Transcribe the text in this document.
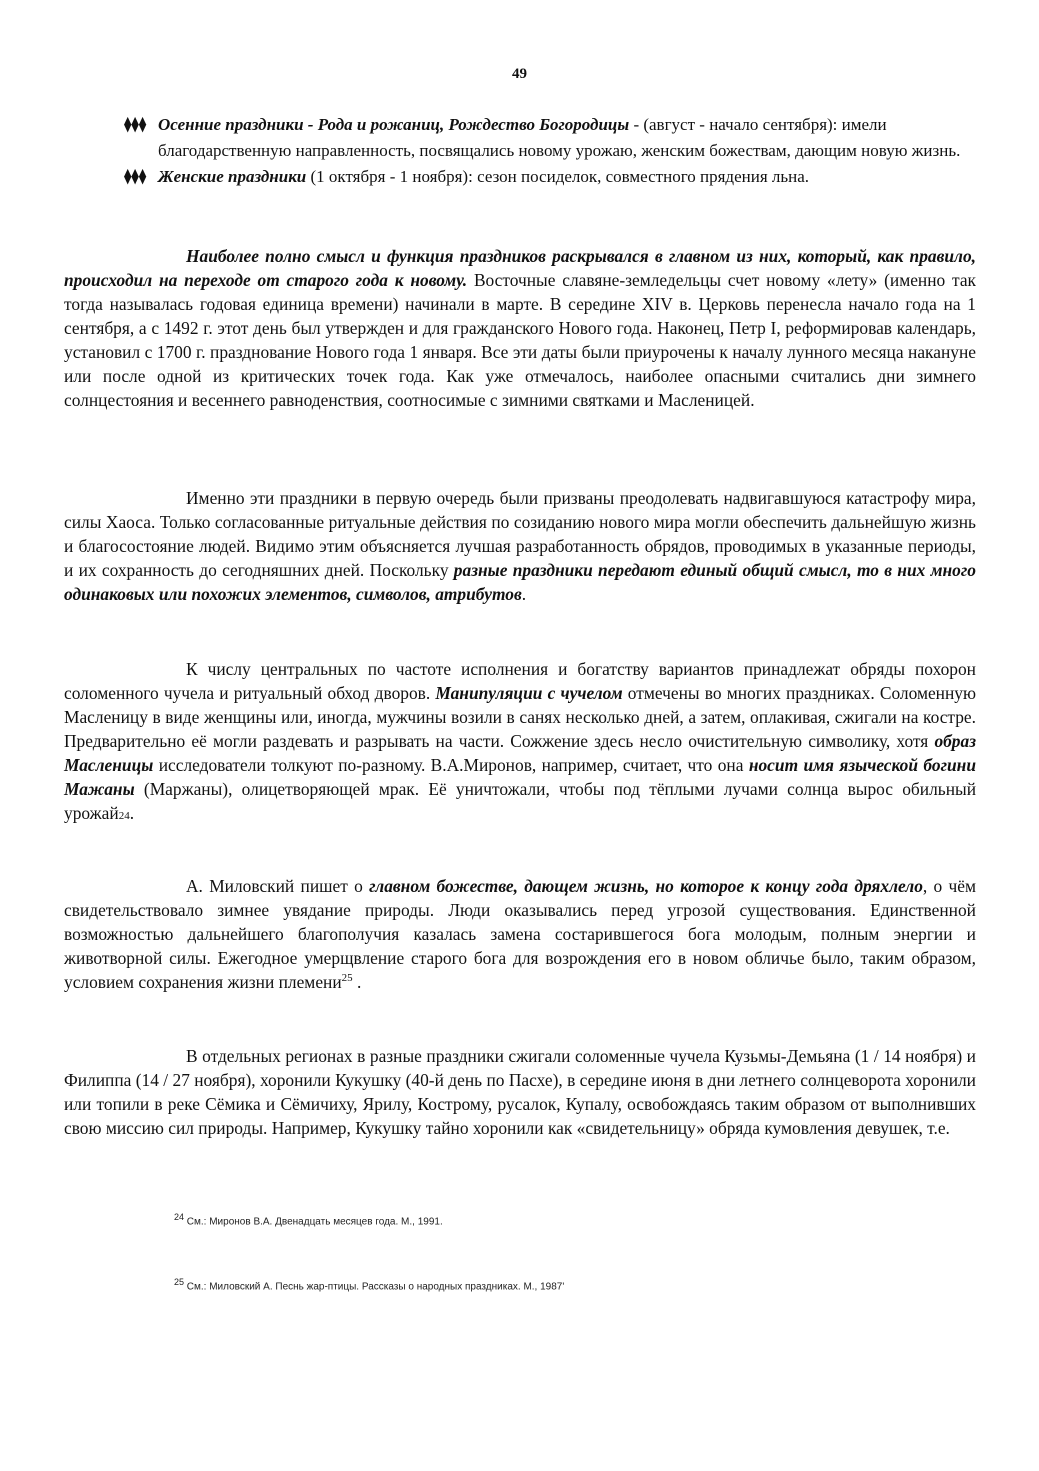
49
⧫⧫⧫ Осенние праздники - Рода и рожаниц, Рождество Богородицы - (август - начало сентября): имели благодарственную направленность, посвящались новому урожаю, женским божествам, дающим новую жизнь.
⧫⧫⧫ Женские праздники (1 октября - 1 ноября): сезон посиделок, совместного прядения льна.

Наиболее полно смысл и функция праздников раскрывался в главном из них, который, как правило, происходил на переходе от старого года к новому. Восточные славяне-земледельцы счет новому «лету» (именно так тогда называлась годовая единица времени) начинали в марте. В середине XIV в. Церковь перенесла начало года на 1 сентября, а с 1492 г. этот день был утвержден и для гражданского Нового года. Наконец, Петр I, реформировав календарь, установил с 1700 г. празднование Нового года 1 января. Все эти даты были приурочены к началу лунного месяца накануне или после одной из критических точек года. Как уже отмечалось, наиболее опасными считались дни зимнего солнцестояния и весеннего равноденствия, соотносимые с зимними святками и Масленицей.

Именно эти праздники в первую очередь были призваны преодолевать надвигавшуюся катастрофу мира, силы Хаоса. Только согласованные ритуальные действия по созиданию нового мира могли обеспечить дальнейшую жизнь и благосостояние людей. Видимо этим объясняется лучшая разработанность обрядов, проводимых в указанные периоды, и их сохранность до сегодняшних дней. Поскольку разные праздники передают единый общий смысл, то в них много одинаковых или похожих элементов, символов, атрибутов.

К числу центральных по частоте исполнения и богатству вариантов принадлежат обряды похорон соломенного чучела и ритуальный обход дворов. Манипуляции с чучелом отмечены во многих праздниках. Соломенную Масленицу в виде женщины или, иногда, мужчины возили в санях несколько дней, а затем, оплакивая, сжигали на костре. Предварительно её могли раздевать и разрывать на части. Сожжение здесь несло очистительную символику, хотя образ Масленицы исследователи толкуют по-разному. В.А.Миронов, например, считает, что она носит имя языческой богини Мажаны (Маржаны), олицетворяющей мрак. Её уничтожали, чтобы под тёплыми лучами солнца вырос обильный урожай24.

А. Миловский пишет о главном божестве, дающем жизнь, но которое к концу года дряхлело, о чём свидетельствовало зимнее увядание природы. Люди оказывались перед угрозой существования. Единственной возможностью дальнейшего благополучия казалась замена состарившегося бога молодым, полным энергии и животворной силы. Ежегодное умерщвление старого бога для возрождения его в новом обличье было, таким образом, условием сохранения жизни племени$^{25}$ .

В отдельных регионах в разные праздники сжигали соломенные чучела Кузьмы-Демьяна (1 / 14 ноября) и Филиппа (14 / 27 ноября), хоронили Кукушку (40-й день по Пасхе), в середине июня в дни летнего солнцеворота хоронили или топили в реке Сёмика и Сёмичиху, Ярилу, Кострому, русалок, Купалу, освобождаясь таким образом от выполнивших свою миссию сил природы. Например, Кукушку тайно хоронили как «свидетельницу» обряда кумовления девушек, т.е.

$^{24}$ См.: Миронов В.А. Двенадцать месяцев года. М., 1991.
$^{25}$ См.: Миловский А. Песнь жар-птицы. Рассказы о народных праздниках. М., 1987'
